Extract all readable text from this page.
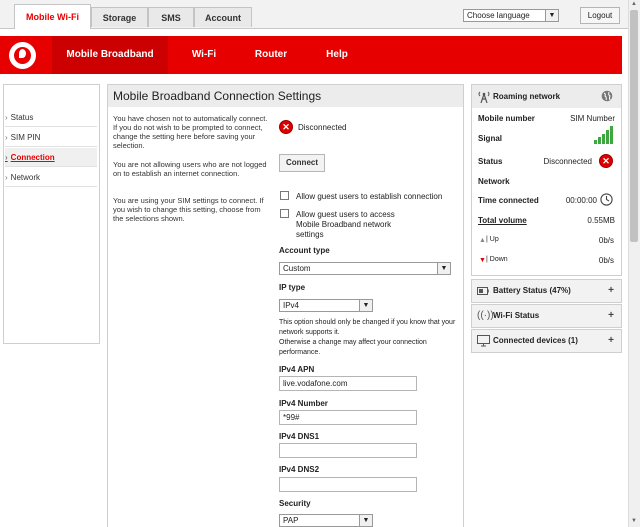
Mobile Wi-Fi	Storage	SMS	Account	Choose language	▼	Logout
Mobile Broadband	Wi-Fi	Router	Help
▲
▼
› Status
› SIM PIN
› Connection
› Network
Mobile Broadband Connection Settings
You have chosen not to automatically connect. If you do not wish to be prompted to connect, change the setting here before saving your selection.
You are not allowing users who are not logged on to establish an internet connection.
You are using your SIM settings to connect. If you wish to change this setting, choose from the selections shown.
✕	Disconnected
Connect
Allow guest users to establish connection
Allow guest users to access
Mobile Broadband network
settings
Account type
Custom	▼
IP type
IPv4	▼
This option should only be changed if you know that your
network supports it.
Otherwise a change may affect your connection
performance.
IPv4 APN
live.vodafone.com
IPv4 Number
*99#
IPv4 DNS1
IPv4 DNS2
Security
PAP	▼
Roaming network
Mobile number	SIM Number
Signal
Status	Disconnected	✕
Network
Time connected	00:00:00
Total volume	0.55MB
▲ | Up	0b/s
▼ | Down	0b/s
Battery Status (47%)	+
((·)) Wi-Fi Status	+
Connected devices (1)	+
